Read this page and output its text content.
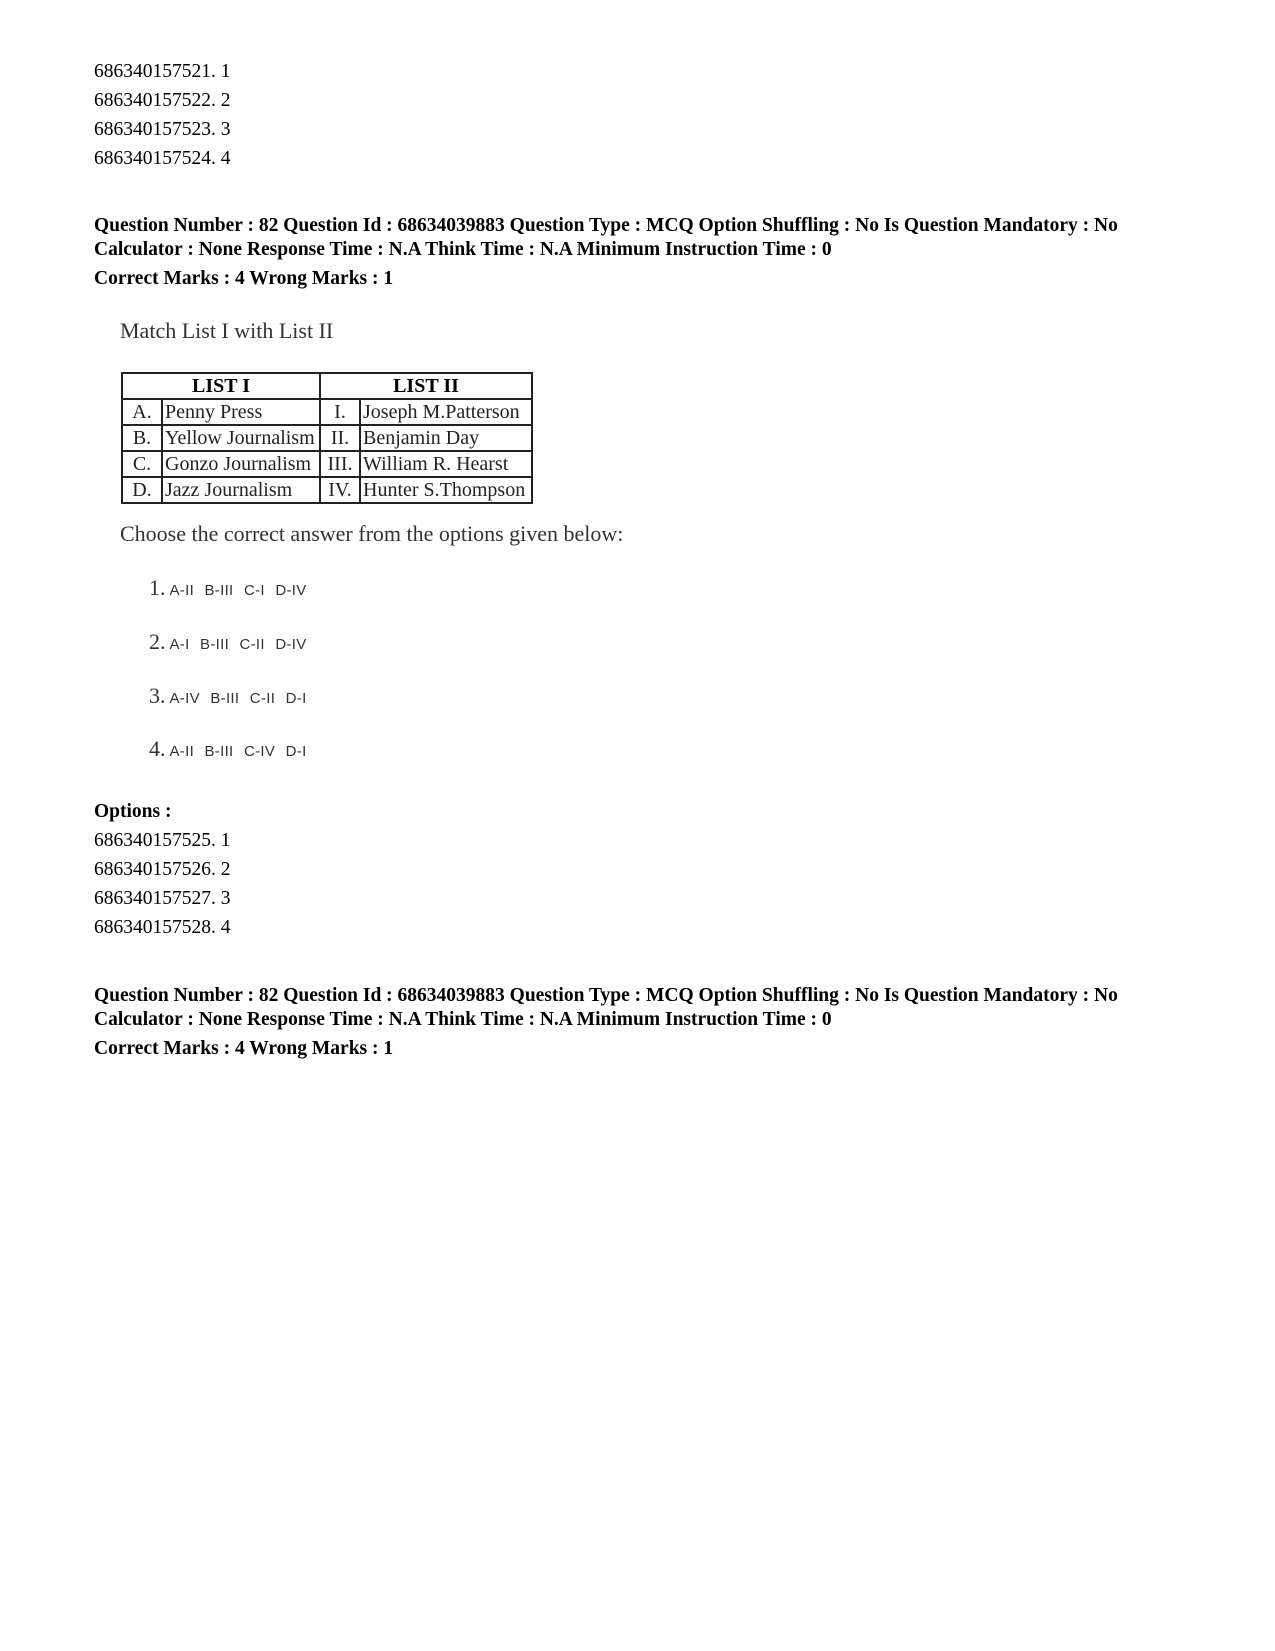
686340157521. 1
686340157522. 2
686340157523. 3
686340157524. 4
Question Number : 82 Question Id : 68634039883 Question Type : MCQ Option Shuffling : No Is Question Mandatory : No Calculator : None Response Time : N.A Think Time : N.A Minimum Instruction Time : 0
Correct Marks : 4 Wrong Marks : 1
Match List I with List II
LIST I		LIST II	
A.	Penny Press	I.	Joseph M.Patterson
B.	Yellow Journalism	II.	Benjamin Day
C.	Gonzo Journalism	III.	William R. Hearst
D.	Jazz Journalism	IV.	Hunter S.Thompson
Choose the correct answer from the options given below:
1. A-II B-III C-I D-IV
2. A-I B-III C-II D-IV
3. A-IV B-III C-II D-I
4. A-II B-III C-IV D-I
Options :
686340157525. 1
686340157526. 2
686340157527. 3
686340157528. 4
Question Number : 82 Question Id : 68634039883 Question Type : MCQ Option Shuffling : No Is Question Mandatory : No Calculator : None Response Time : N.A Think Time : N.A Minimum Instruction Time : 0
Correct Marks : 4 Wrong Marks : 1
